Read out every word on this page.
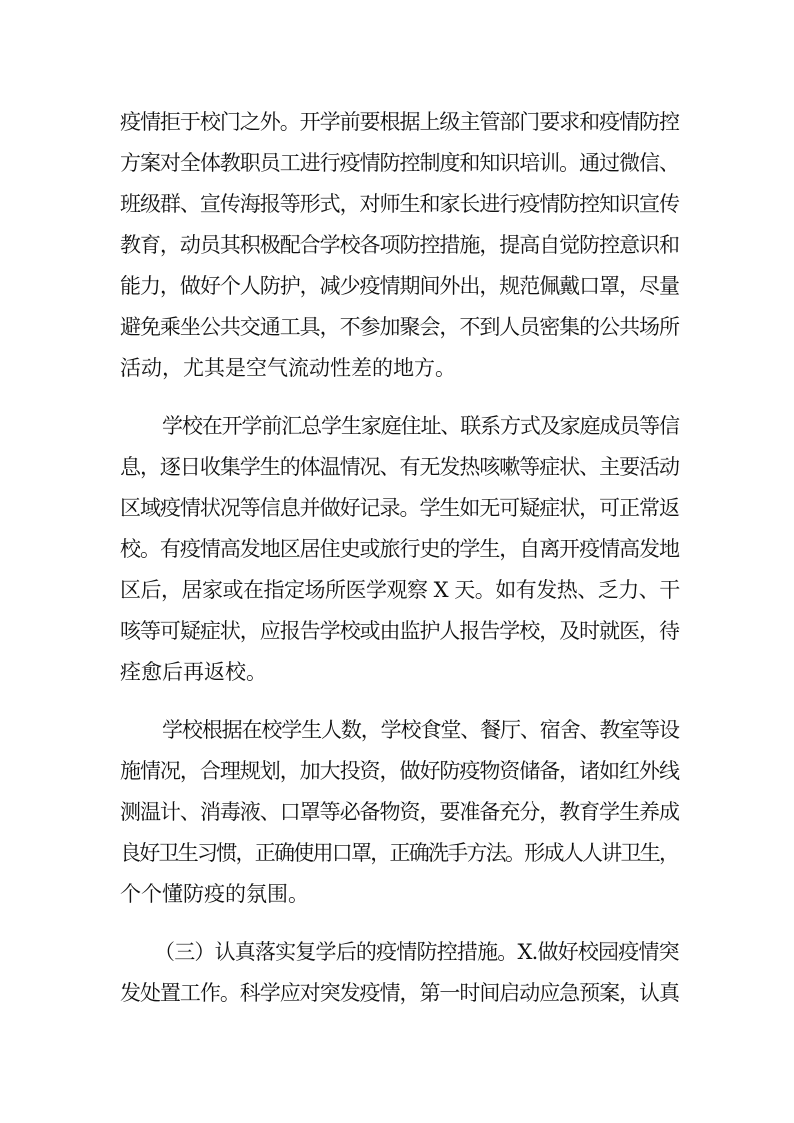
疫情拒于校门之外。开学前要根据上级主管部门要求和疫情防控
方案对全体教职员工进行疫情防控制度和知识培训。通过微信、
班级群、宣传海报等形式，对师生和家长进行疫情防控知识宣传
教育，动员其积极配合学校各项防控措施，提高自觉防控意识和
能力，做好个人防护，减少疫情期间外出，规范佩戴口罩，尽量
避免乘坐公共交通工具，不参加聚会，不到人员密集的公共场所
活动，尤其是空气流动性差的地方。
学校在开学前汇总学生家庭住址、联系方式及家庭成员等信
息，逐日收集学生的体温情况、有无发热咳嗽等症状、主要活动
区域疫情状况等信息并做好记录。学生如无可疑症状，可正常返
校。有疫情高发地区居住史或旅行史的学生，自离开疫情高发地
区后，居家或在指定场所医学观察 X 天。如有发热、乏力、干
咳等可疑症状，应报告学校或由监护人报告学校，及时就医，待
痊愈后再返校。
学校根据在校学生人数，学校食堂、餐厅、宿舍、教室等设
施情况，合理规划，加大投资，做好防疫物资储备，诸如红外线
测温计、消毒液、口罩等必备物资，要准备充分，教育学生养成
良好卫生习惯，正确使用口罩，正确洗手方法。形成人人讲卫生，
个个懂防疫的氛围。
（三）认真落实复学后的疫情防控措施。X.做好校园疫情突
发处置工作。科学应对突发疫情，第一时间启动应急预案，认真
